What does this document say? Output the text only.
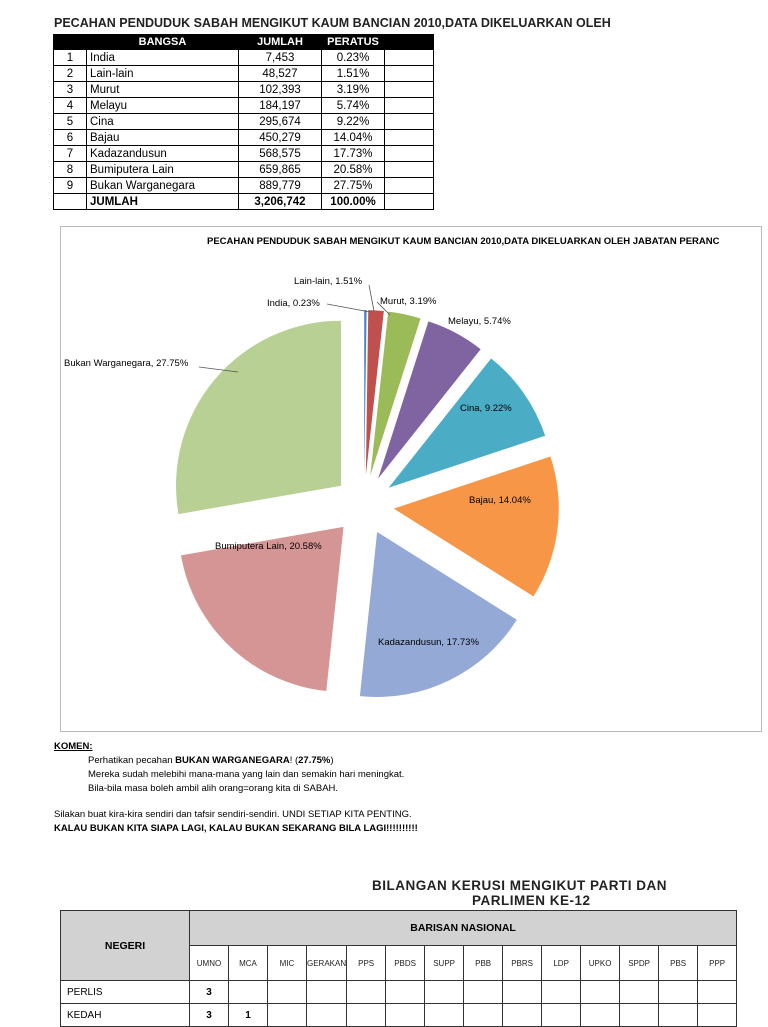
PECAHAN PENDUDUK SABAH MENGIKUT KAUM BANCIAN 2010,DATA DIKELUARKAN OLEH
	BANGSA	JUMLAH	PERATUS	
1	India	7,453	0.23%	
2	Lain-lain	48,527	1.51%	
3	Murut	102,393	3.19%	
4	Melayu	184,197	5.74%	
5	Cina	295,674	9.22%	
6	Bajau	450,279	14.04%	
7	Kadazandusun	568,575	17.73%	
8	Bumiputera Lain	659,865	20.58%	
9	Bukan Warganegara	889,779	27.75%	
	JUMLAH	3,206,742	100.00%	
PECAHAN PENDUDUK SABAH MENGIKUT KAUM BANCIAN 2010,DATA DIKELUARKAN OLEH JABATAN PERANC
India, 0.23%
Lain-lain, 1.51%
Murut, 3.19%
Melayu, 5.74%
Cina, 9.22%
Bajau, 14.04%
Kadazandusun, 17.73%
Bumiputera Lain, 20.58%
Bukan Warganegara, 27.75%
KOMEN:
Perhatikan pecahan BUKAN WARGANEGARA! (27.75%)
Mereka sudah melebihi mana-mana yang lain dan semakin hari meningkat.
Bila-bila masa boleh ambil alih orang=orang kita di SABAH.
Silakan buat kira-kira sendiri dan tafsir sendiri-sendiri. UNDI SETIAP KITA PENTING.
KALAU BUKAN KITA SIAPA LAGI, KALAU BUKAN SEKARANG BILA LAGI!!!!!!!!!!
BILANGAN KERUSI MENGIKUT PARTI DAN
PARLIMEN KE-12
NEGERI	BARISAN NASIONAL													
	UMNO	MCA	MIC	GERAKAN	PPS	PBDS	SUPP	PBB	PBRS	LDP	UPKO	SPDP	PBS	PPP
PERLIS	3													
KEDAH	3	1												
